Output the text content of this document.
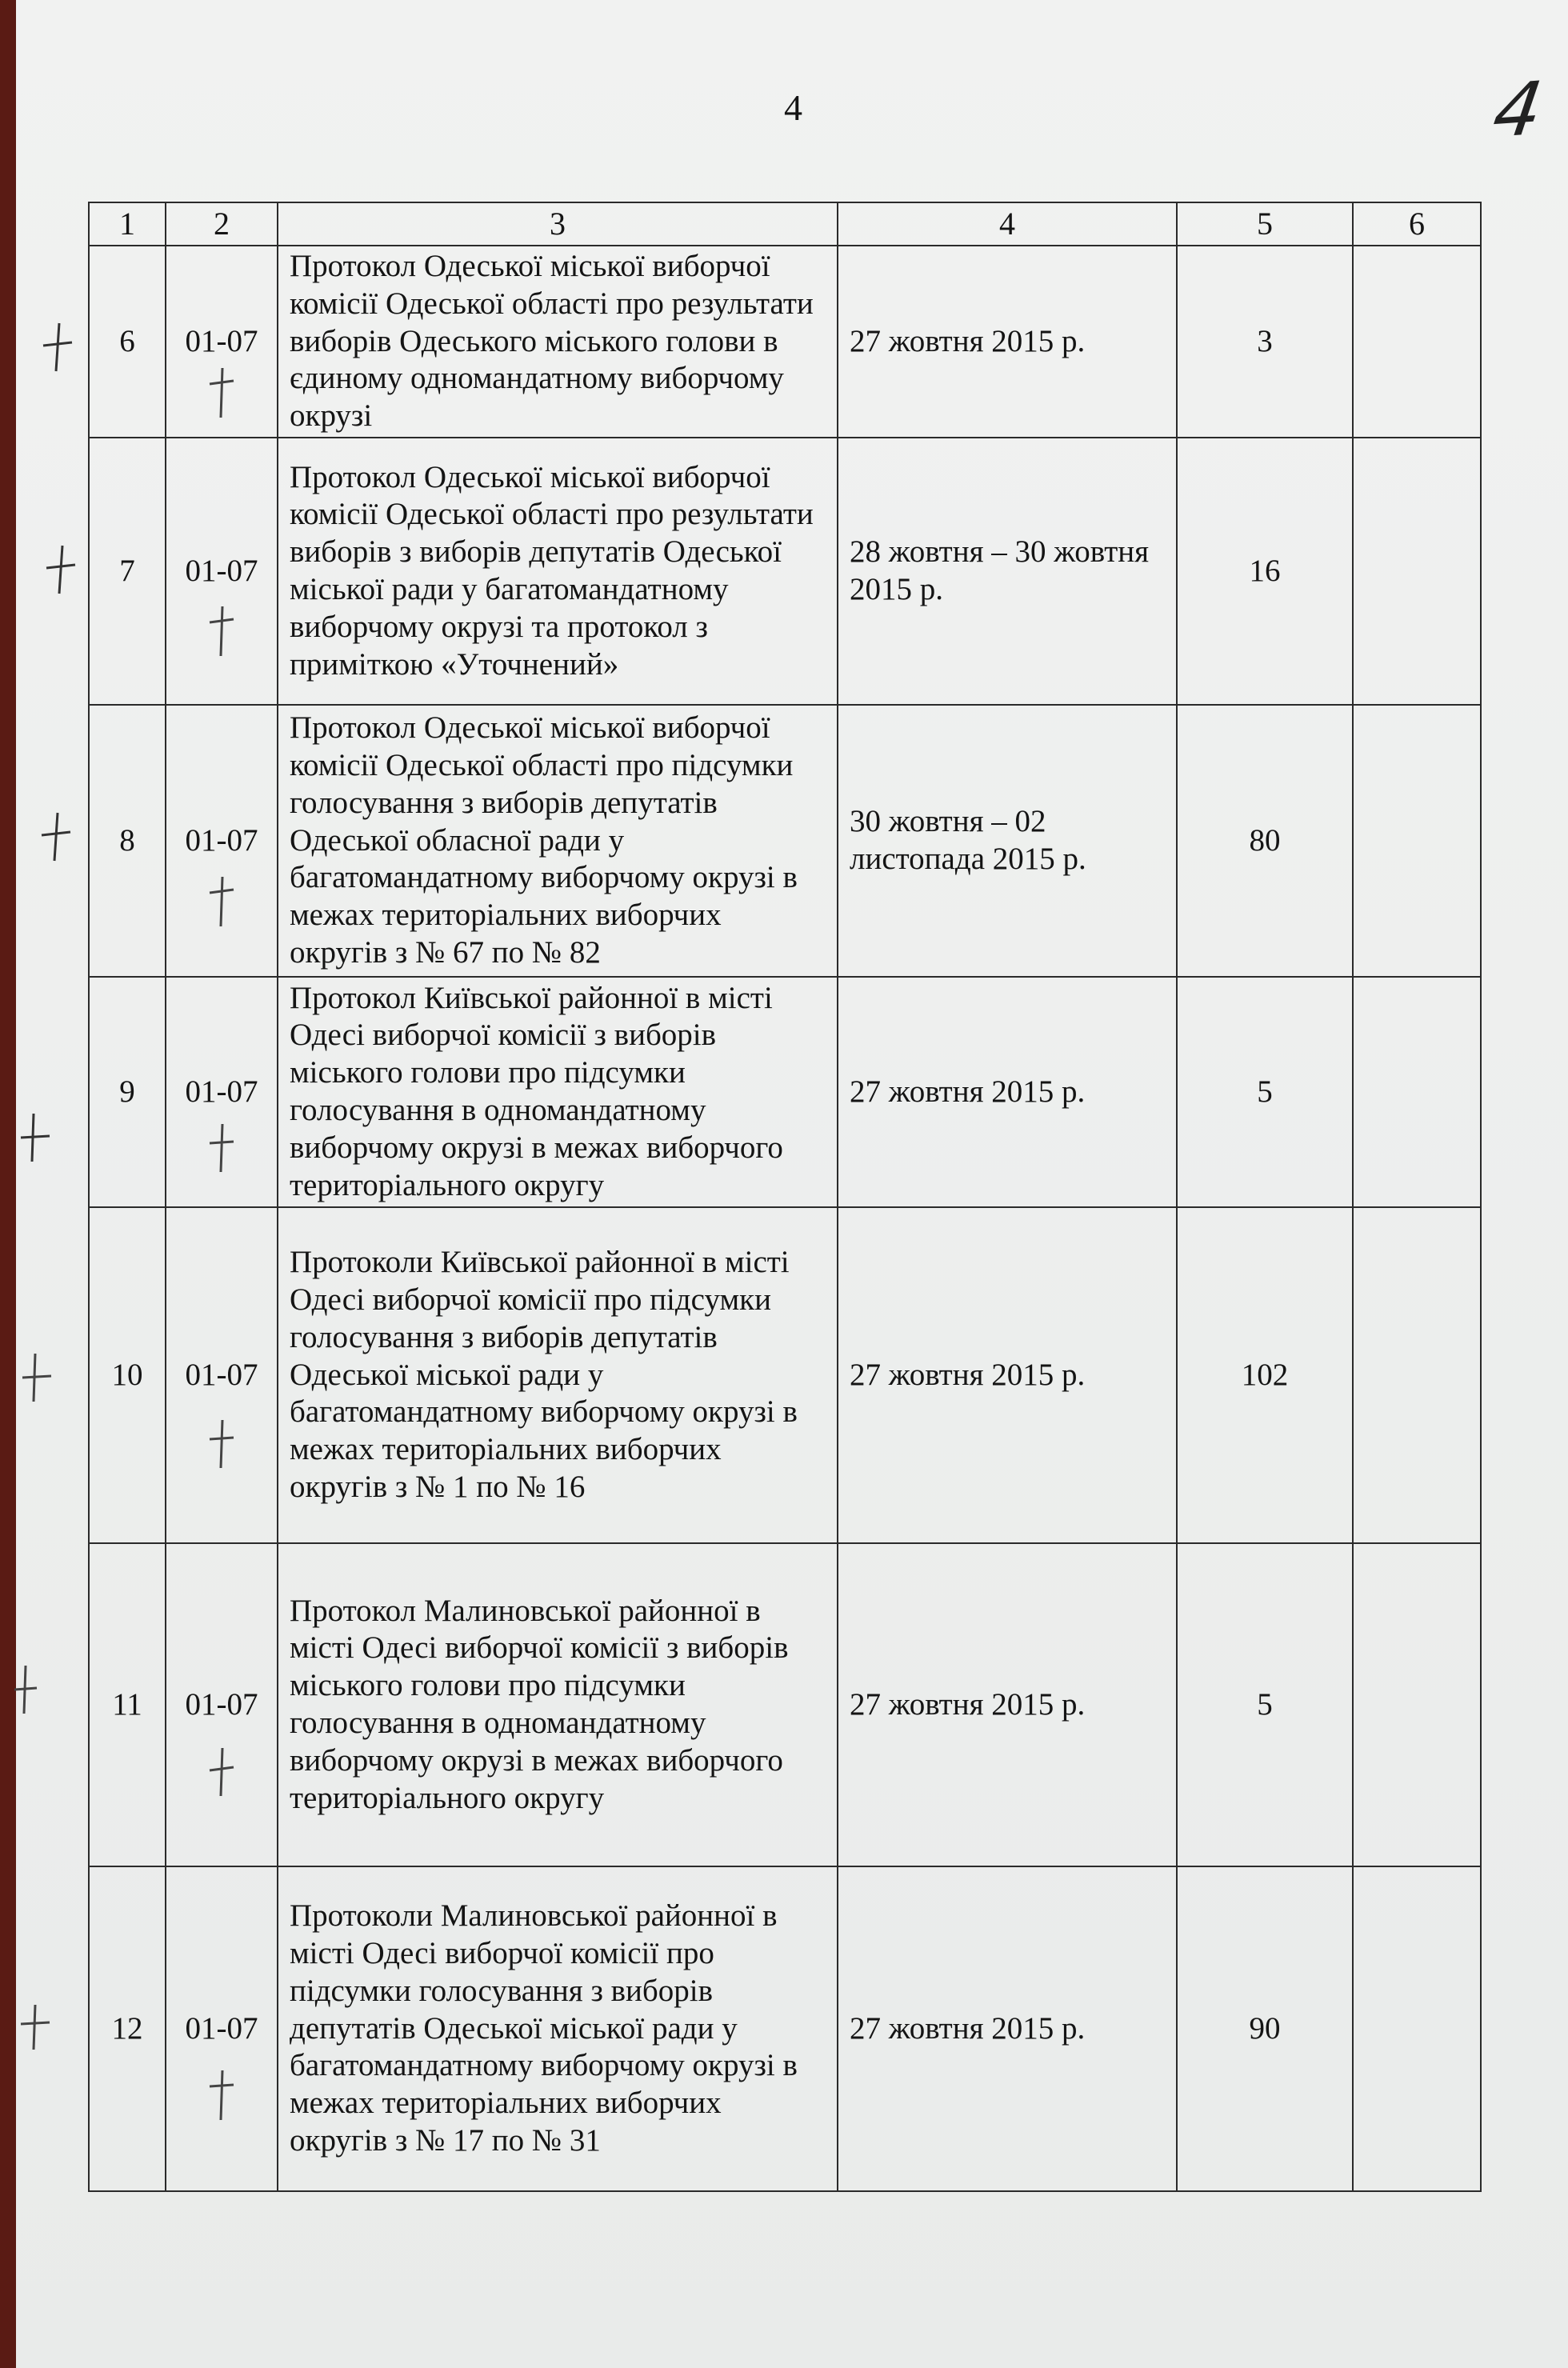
4	4
1	2	3	4	5	6
6	01-07	Протокол Одеської міської виборчої комісії Одеської області про результати виборів Одеського міського голови в єдиному одномандатному виборчому окрузі	27 жовтня 2015 р.	3	
7	01-07	Протокол Одеської міської виборчої комісії Одеської області про результати виборів з виборів депутатів Одеської міської ради у багатомандатному виборчому окрузі та протокол з приміткою «Уточнений»	28 жовтня – 30 жовтня 2015 р.	16	
8	01-07	Протокол Одеської міської виборчої комісії Одеської області про підсумки голосування з виборів депутатів Одеської обласної ради у багатомандатному виборчому окрузі в межах територіальних виборчих округів з № 67 по № 82	30 жовтня – 02 листопада 2015 р.	80	
9	01-07	Протокол Київської районної в місті Одесі виборчої комісії з виборів міського голови про підсумки голосування в одномандатному виборчому окрузі в межах виборчого територіального округу	27 жовтня 2015 р.	5	
10	01-07	Протоколи Київської районної в місті Одесі виборчої комісії про підсумки голосування з виборів депутатів Одеської міської ради у багатомандатному виборчому окрузі в межах територіальних виборчих округів з № 1 по № 16	27 жовтня 2015 р.	102	
11	01-07	Протокол Малиновської районної в місті Одесі виборчої комісії з виборів міського голови про підсумки голосування в одномандатному виборчому окрузі в межах виборчого територіального округу	27 жовтня 2015 р.	5	
12	01-07	Протоколи Малиновської районної в місті Одесі виборчої комісії про підсумки голосування з виборів депутатів Одеської міської ради у багатомандатному виборчому окрузі в межах територіальних виборчих округів з № 17 по № 31	27 жовтня 2015 р.	90	
